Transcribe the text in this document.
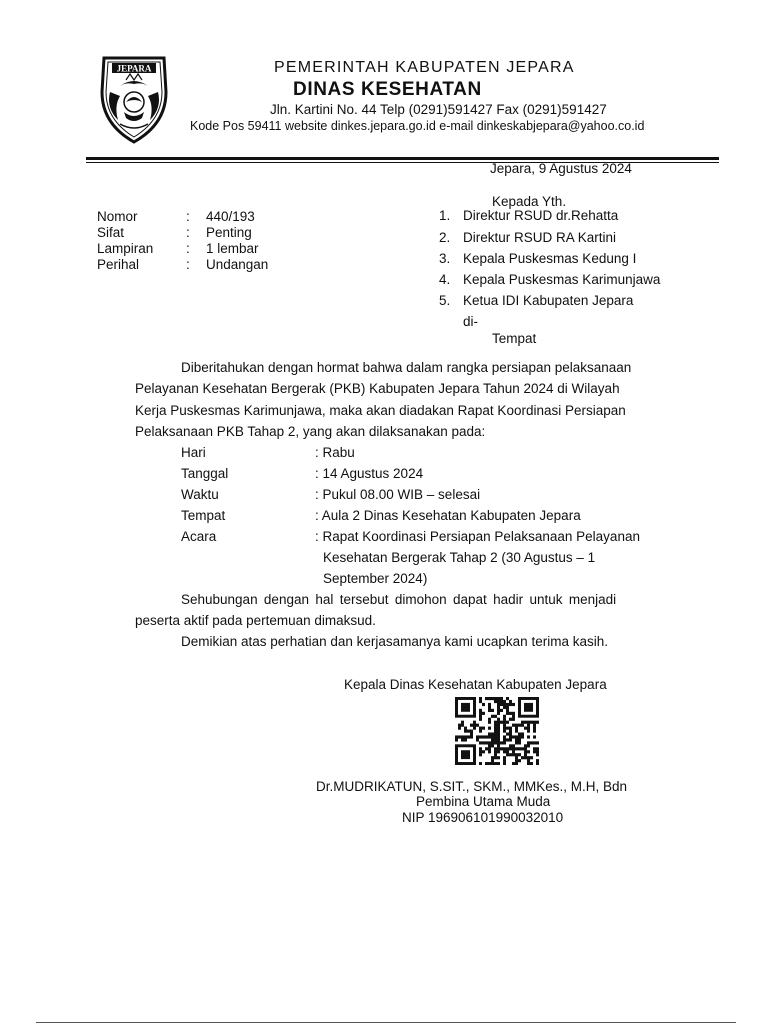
JEPARA	PEMERINTAH KABUPATEN JEPARA
DINAS KESEHATAN
Jln. Kartini No. 44 Telp (0291)591427 Fax (0291)591427
Kode Pos 59411 website dinkes.jepara.go.id e-mail dinkeskabjepara@yahoo.co.id
Jepara, 9 Agustus 2024
Nomor	: 440/193
Sifat	: Penting
Lampiran : 1 lembar
Perihal	: Undangan
Kepada Yth.
1. Direktur RSUD dr.Rehatta
2. Direktur RSUD RA Kartini
3. Kepala Puskesmas Kedung I
4. Kepala Puskesmas Karimunjawa
5. Ketua IDI Kabupaten Jepara
di-
Tempat
Diberitahukan dengan hormat bahwa dalam rangka persiapan pelaksanaan
Pelayanan Kesehatan Bergerak (PKB) Kabupaten Jepara Tahun 2024 di Wilayah
Kerja Puskesmas Karimunjawa, maka akan diadakan Rapat Koordinasi Persiapan
Pelaksanaan PKB Tahap 2, yang akan dilaksanakan pada:
Hari	: Rabu
Tanggal	: 14 Agustus 2024
Waktu	: Pukul 08.00 WIB – selesai
Tempat	: Aula 2 Dinas Kesehatan Kabupaten Jepara
Acara	: Rapat Koordinasi Persiapan Pelaksanaan Pelayanan
Kesehatan Bergerak Tahap 2 (30 Agustus – 1
September 2024)
Sehubungan dengan hal tersebut dimohon dapat hadir untuk menjadi
peserta aktif pada pertemuan dimaksud.
Demikian atas perhatian dan kerjasamanya kami ucapkan terima kasih.
Kepala Dinas Kesehatan Kabupaten Jepara
Dr.MUDRIKATUN, S.SIT., SKM., MMKes., M.H, Bdn
Pembina Utama Muda
NIP 196906101990032010
